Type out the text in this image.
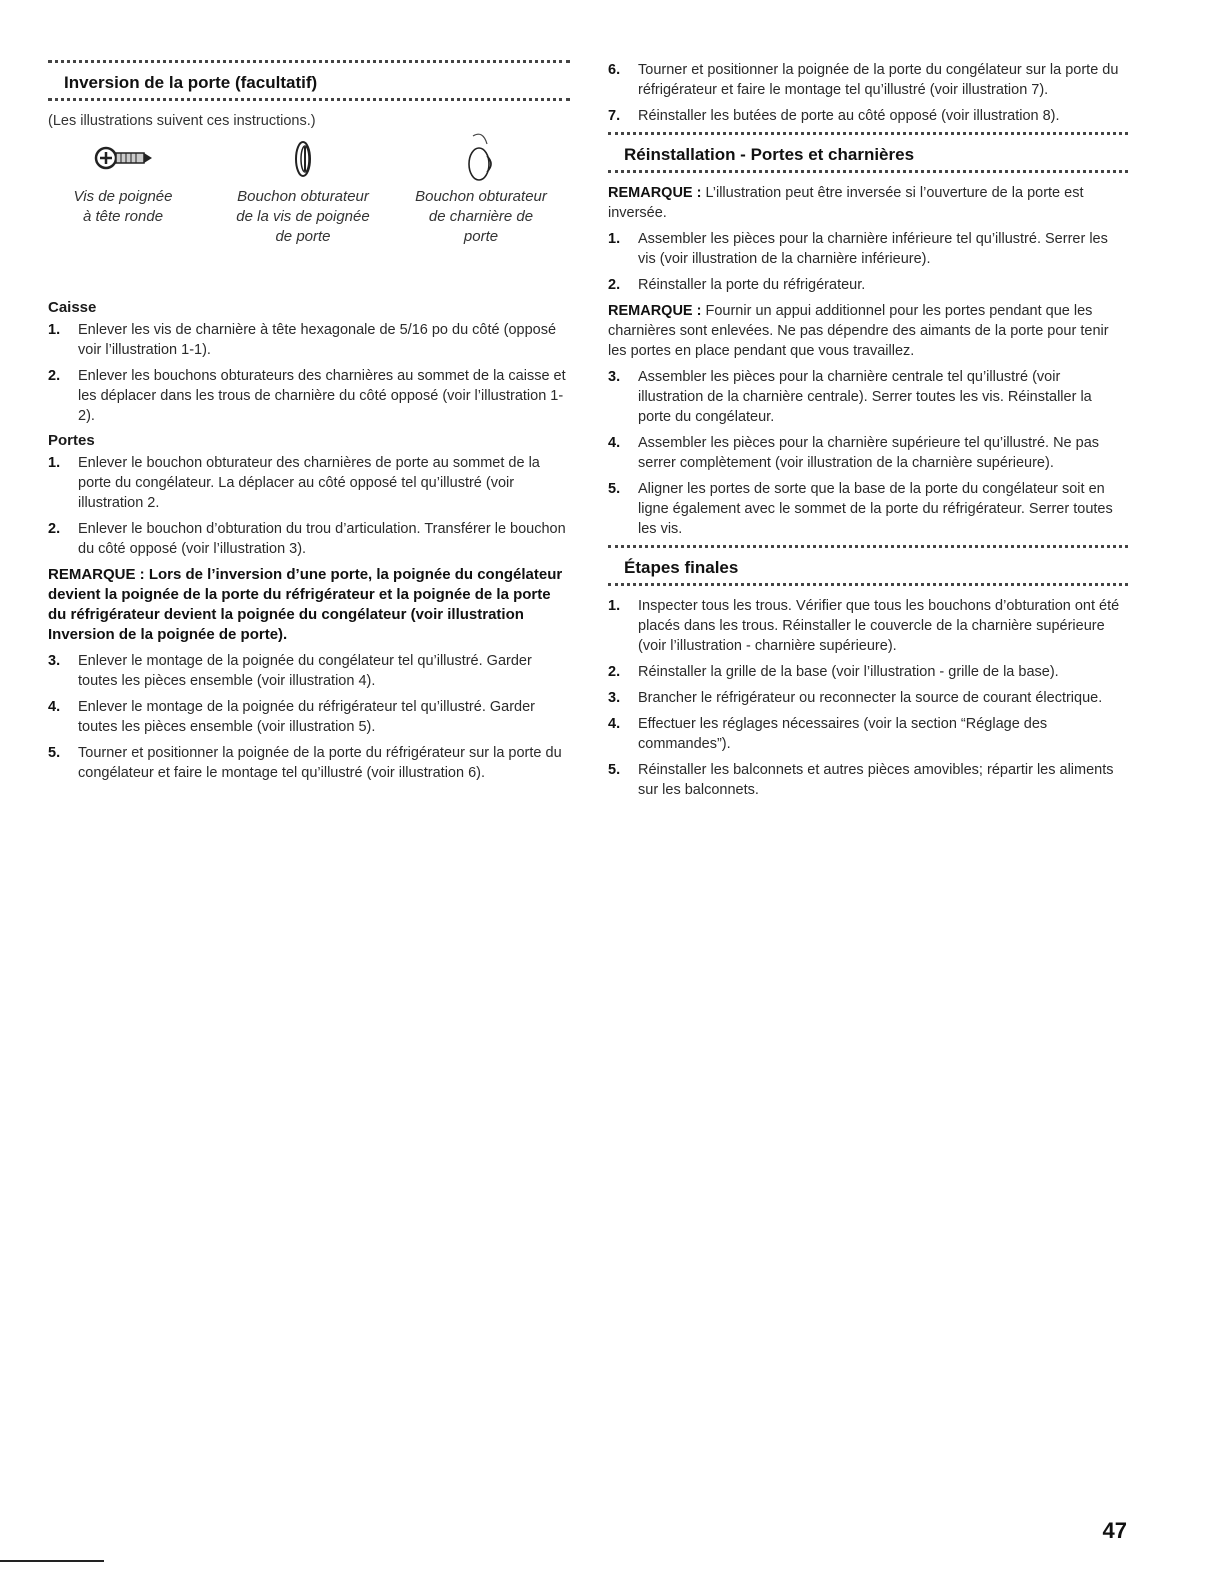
Inversion de la porte (facultatif)
(Les illustrations suivent ces instructions.)
Vis de poignée
à tête ronde
Bouchon obturateur
de la vis de poignée
de porte
Bouchon obturateur
de charnière de
porte
Caisse
1. Enlever les vis de charnière à tête hexagonale de 5/16 po du côté (opposé voir l’illustration 1-1).
2. Enlever les bouchons obturateurs des charnières au sommet de la caisse et les déplacer dans les trous de charnière du côté opposé (voir l’illustration 1-2).
Portes
1. Enlever le bouchon obturateur des charnières de porte au sommet de la porte du congélateur. La déplacer au côté opposé tel qu’illustré (voir illustration 2.
2. Enlever le bouchon d’obturation du trou d’articulation. Transférer le bouchon du côté opposé (voir l’illustration 3).

REMARQUE : Lors de l’inversion d’une porte, la poignée du congélateur devient la poignée de la porte du réfrigérateur et la poignée de la porte du réfrigérateur devient la poignée du congélateur (voir illustration Inversion de la poignée de porte).

3. Enlever le montage de la poignée du congélateur tel qu’illustré. Garder toutes les pièces ensemble (voir illustration 4).
4. Enlever le montage de la poignée du réfrigérateur tel qu’illustré. Garder toutes les pièces ensemble (voir illustration 5).
5. Tourner et positionner la poignée de la porte du réfrigérateur sur la porte du congélateur et faire le montage tel qu’illustré (voir illustration 6).
6. Tourner et positionner la poignée de la porte du congélateur sur la porte du réfrigérateur et faire le montage tel qu’illustré (voir illustration 7).
7. Réinstaller les butées de porte au côté opposé (voir illustration 8).
Réinstallation - Portes et charnières

REMARQUE : L’illustration peut être inversée si l’ouverture de la porte est inversée.

1. Assembler les pièces pour la charnière inférieure tel qu’illustré. Serrer les vis (voir illustration de la charnière inférieure).
2. Réinstaller la porte du réfrigérateur.

REMARQUE : Fournir un appui additionnel pour les portes pendant que les charnières sont enlevées. Ne pas dépendre des aimants de la porte pour tenir les portes en place pendant que vous travaillez.

3. Assembler les pièces pour la charnière centrale tel qu’illustré (voir illustration de la charnière centrale). Serrer toutes les vis. Réinstaller la porte du congélateur.
4. Assembler les pièces pour la charnière supérieure tel qu’illustré. Ne pas serrer complètement (voir illustration de la charnière supérieure).
5. Aligner les portes de sorte que la base de la porte du congélateur soit en ligne également avec le sommet de la porte du réfrigérateur. Serrer toutes les vis.
Étapes finales
1. Inspecter tous les trous. Vérifier que tous les bouchons d’obturation ont été placés dans les trous. Réinstaller le couvercle de la charnière supérieure (voir l’illustration - charnière supérieure).
2. Réinstaller la grille de la base (voir l’illustration - grille de la base).
3. Brancher le réfrigérateur ou reconnecter la source de courant électrique.
4. Effectuer les réglages nécessaires (voir la section “Réglage des commandes”).
5. Réinstaller les balconnets et autres pièces amovibles; répartir les aliments sur les balconnets.
47
